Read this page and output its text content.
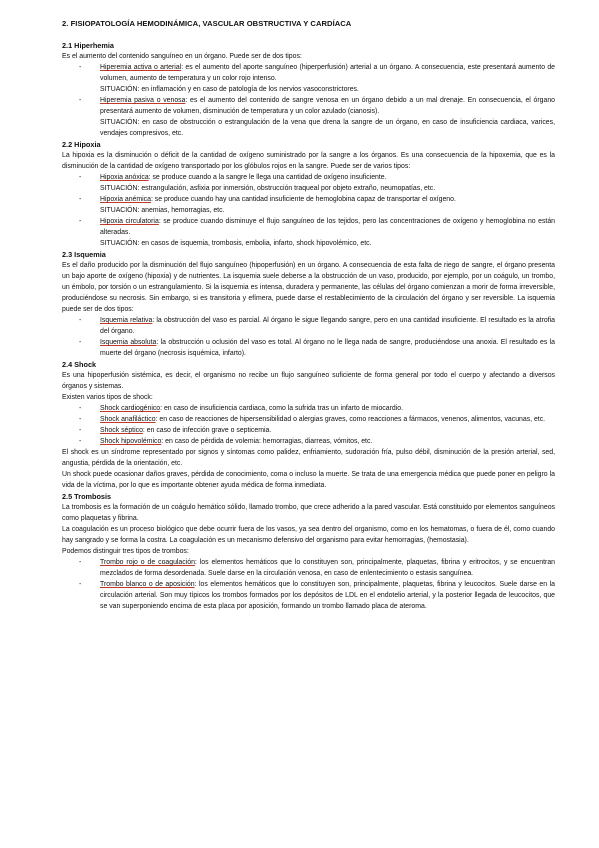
2. FISIOPATOLOGÍA HEMODINÁMICA, VASCULAR OBSTRUCTIVA Y CARDÍACA
2.1 Hiperhemia

Es el aumento del contenido sanguíneo en un órgano. Puede ser de dos tipos:

-	Hiperemia activa o arterial: es el aumento del aporte sanguíneo (hiperperfusión) arterial a un órgano. A consecuencia, este presentará aumento de volumen, aumento de temperatura y un color rojo intenso.
SITUACIÓN: en inflamación y en caso de patología de los nervios vasoconstrictores.
-	Hiperemia pasiva o venosa: es el aumento del contenido de sangre venosa en un órgano debido a un mal drenaje. En consecuencia, el órgano presentará aumento de volumen, disminución de temperatura y un color azulado (cianosis).
SITUACIÓN: en caso de obstrucción o estrangulación de la vena que drena la sangre de un órgano, en caso de insuficiencia cardiaca, varices, vendajes compresivos, etc.
2.2 Hipoxia

La hipoxia es la disminución o déficit de la cantidad de oxígeno suministrado por la sangre a los órganos. Es una consecuencia de la hipoxemia, que es la disminución de la cantidad de oxígeno transportado por los glóbulos rojos en la sangre. Puede ser de varios tipos:

-	Hipoxia anóxica: se produce cuando a la sangre le llega una cantidad de oxígeno insuficiente.
SITUACIÓN: estrangulación, asfixia por inmersión, obstrucción traqueal por objeto extraño, neumopatías, etc.
-	Hipoxia anémica: se produce cuando hay una cantidad insuficiente de hemoglobina capaz de transportar el oxígeno.
SITUACIÓN: anemias, hemorragias, etc.
-	Hipoxia circulatoria: se produce cuando disminuye el flujo sanguíneo de los tejidos, pero las concentraciones de oxígeno y hemoglobina no están alteradas.
SITUACIÓN: en casos de isquemia, trombosis, embolia, infarto, shock hipovolémico, etc.
2.3 Isquemia

Es el daño producido por la disminución del flujo sanguíneo (hipoperfusión) en un órgano. A consecuencia de esta falta de riego de sangre, el órgano presenta un bajo aporte de oxígeno (hipoxia) y de nutrientes. La isquemia suele deberse a la obstrucción de un vaso, producido, por ejemplo, por un coágulo, un trombo, un émbolo, por torsión o un estrangulamiento. Si la isquemia es intensa, duradera y permanente, las células del órgano comienzan a morir de forma irreversible, produciéndose su necrosis. Sin embargo, si es transitoria y efímera, puede darse el restablecimiento de la circulación del órgano y ser reversible. La isquemia puede ser de dos tipos:

-	Isquemia relativa: la obstrucción del vaso es parcial. Al órgano le sigue llegando sangre, pero en una cantidad insuficiente. El resultado es la atrofia del órgano.
-	Isquemia absoluta: la obstrucción u oclusión del vaso es total. Al órgano no le llega nada de sangre, produciéndose una anoxia. El resultado es la muerte del órgano (necrosis isquémica, infarto).
2.4 Shock

Es una hipoperfusión sistémica, es decir, el organismo no recibe un flujo sanguíneo suficiente de forma general por todo el cuerpo y afectando a diversos órganos y sistemas.

Existen varios tipos de shock:

-	Shock cardiogénico: en caso de insuficiencia cardiaca, como la sufrida tras un infarto de miocardio.
-	Shock anafiláctico: en caso de reacciones de hipersensibilidad o alergias graves, como reacciones a fármacos, venenos, alimentos, vacunas, etc.
-	Shock séptico: en caso de infección grave o septicemia.
-	Shock hipovolémico: en caso de pérdida de volemia: hemorragias, diarreas, vómitos, etc.

El shock es un síndrome representado por signos y síntomas como palidez, enfriamiento, sudoración fría, pulso débil, disminución de la presión arterial, sed, angustia, pérdida de la orientación, etc.

Un shock puede ocasionar daños graves, pérdida de conocimiento, coma o incluso la muerte. Se trata de una emergencia médica que puede poner en peligro la vida de la víctima, por lo que es importante obtener ayuda médica de forma inmediata.

2.5 Trombosis

La trombosis es la formación de un coágulo hemático sólido, llamado trombo, que crece adherido a la pared vascular. Está constituido por elementos sanguíneos como plaquetas y fibrina.

La coagulación es un proceso biológico que debe ocurrir fuera de los vasos, ya sea dentro del organismo, como en los hematomas, o fuera de él, como cuando hay sangrado y se forma la costra. La coagulación es un mecanismo defensivo del organismo para evitar hemorragias, (hemostasia).

Podemos distinguir tres tipos de trombos:

-	Trombo rojo o de coagulación: los elementos hemáticos que lo constituyen son, principalmente, plaquetas, fibrina y eritrocitos, y se encuentran mezclados de forma desordenada. Suele darse en la circulación venosa, en caso de enlentecimiento o estasis sanguínea.
-	Trombo blanco o de aposición: los elementos hemáticos que lo constituyen son, principalmente, plaquetas, fibrina y leucocitos. Suele darse en la circulación arterial. Son muy típicos los trombos formados por los depósitos de LDL en el endotelio arterial, y la posterior llegada de leucocitos, que se van superponiendo encima de esta placa por aposición, formando un trombo llamado placa de ateroma.
